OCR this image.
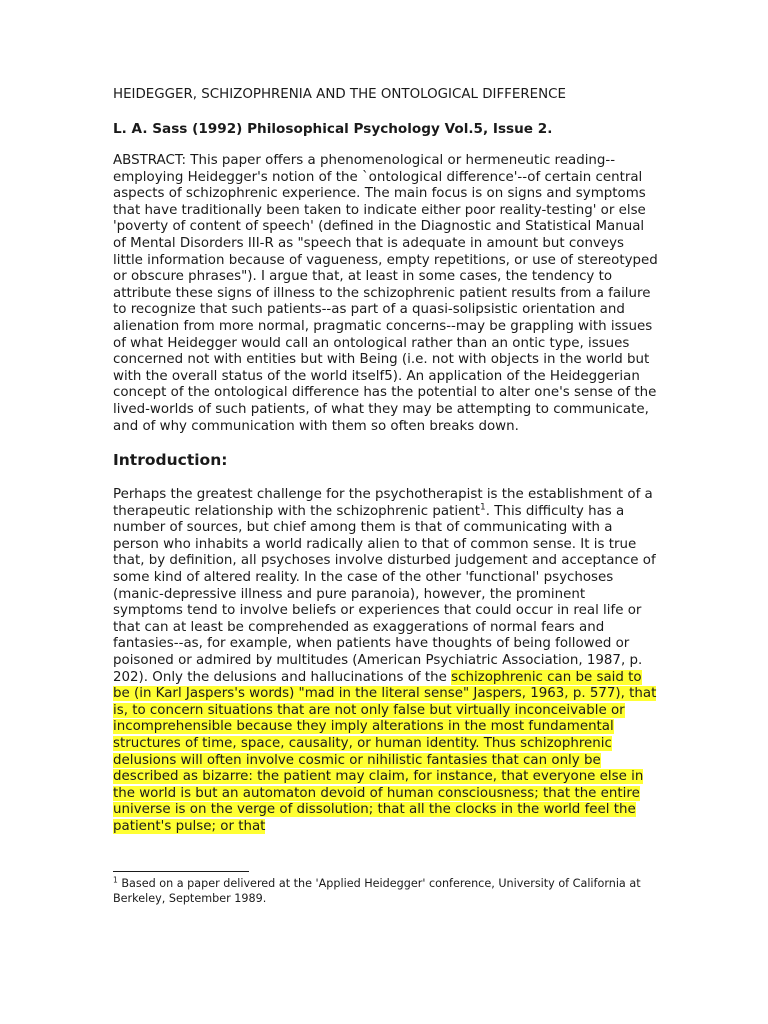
HEIDEGGER, SCHIZOPHRENIA AND THE ONTOLOGICAL DIFFERENCE
L. A. Sass (1992) Philosophical Psychology Vol.5, Issue 2.

ABSTRACT: This paper offers a phenomenological or hermeneutic reading--employing Heidegger's notion of the `ontological difference'--of certain central aspects of schizophrenic experience. The main focus is on signs and symptoms that have traditionally been taken to indicate either poor reality-testing' or else 'poverty of content of speech' (defined in the Diagnostic and Statistical Manual of Mental Disorders III-R as "speech that is adequate in amount but conveys little information because of vagueness, empty repetitions, or use of stereotyped or obscure phrases"). I argue that, at least in some cases, the tendency to attribute these signs of illness to the schizophrenic patient results from a failure to recognize that such patients--as part of a quasi-solipsistic orientation and alienation from more normal, pragmatic concerns--may be grappling with issues of what Heidegger would call an ontological rather than an ontic type, issues concerned not with entities but with Being (i.e. not with objects in the world but with the overall status of the world itself5). An application of the Heideggerian concept of the ontological difference has the potential to alter one's sense of the lived-worlds of such patients, of what they may be attempting to communicate, and of why communication with them so often breaks down.

Introduction:

Perhaps the greatest challenge for the psychotherapist is the establishment of a therapeutic relationship with the schizophrenic patient$^1$. This difficulty has a number of sources, but chief among them is that of communicating with a person who inhabits a world radically alien to that of common sense. It is true that, by definition, all psychoses involve disturbed judgement and acceptance of some kind of altered reality. In the case of the other 'functional' psychoses (manic-depressive illness and pure paranoia), however, the prominent symptoms tend to involve beliefs or experiences that could occur in real life or that can at least be comprehended as exaggerations of normal fears and fantasies--as, for example, when patients have thoughts of being followed or poisoned or admired by multitudes (American Psychiatric Association, 1987, p. 202). Only the delusions and hallucinations of the schizophrenic can be said to be (in Karl Jaspers's words) "mad in the literal sense" Jaspers, 1963, p. 577), that is, to concern situations that are not only false but virtually inconceivable or incomprehensible because they imply alterations in the most fundamental structures of time, space, causality, or human identity. Thus schizophrenic delusions will often involve cosmic or nihilistic fantasies that can only be described as bizarre: the patient may claim, for instance, that everyone else in the world is but an automaton devoid of human consciousness; that the entire universe is on the verge of dissolution; that all the clocks in the world feel the patient's pulse; or that

$^1$ Based on a paper delivered at the 'Applied Heidegger' conference, University of California at Berkeley, September 1989.
